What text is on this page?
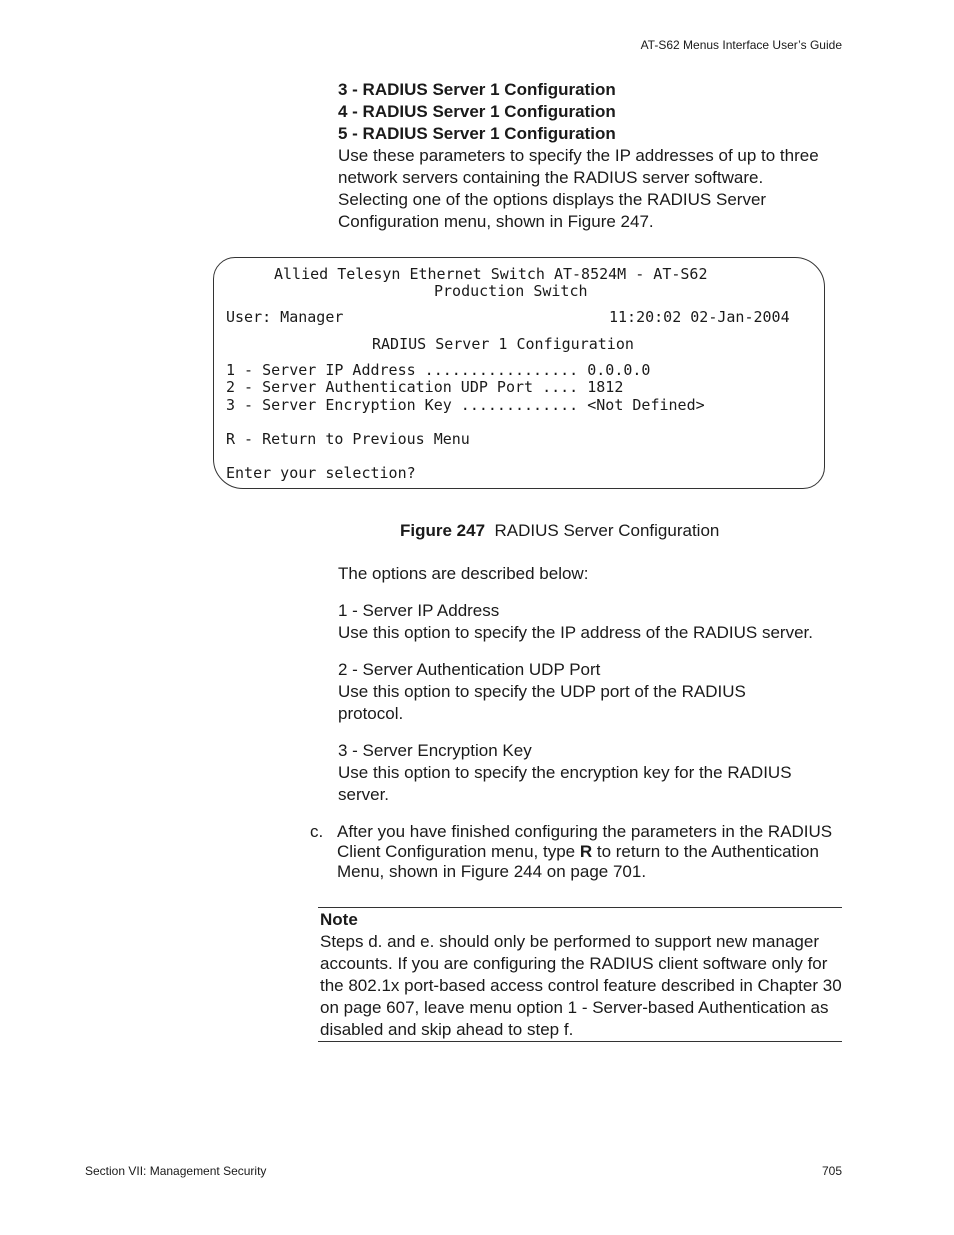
AT-S62 Menus Interface User’s Guide
3 - RADIUS Server 1 Configuration
4 - RADIUS Server 1 Configuration
5 - RADIUS Server 1 Configuration

Use these parameters to specify the IP addresses of up to three network servers containing the RADIUS server software. Selecting one of the options displays the RADIUS Server Configuration menu, shown in Figure 247.

Allied Telesyn Ethernet Switch AT-8524M - AT-S62
Production Switch
User: Manager	11:20:02 02-Jan-2004
RADIUS Server 1 Configuration
1 - Server IP Address ................. 0.0.0.0
2 - Server Authentication UDP Port .... 1812
3 - Server Encryption Key ............. <Not Defined>
R - Return to Previous Menu
Enter your selection?
Figure 247 RADIUS Server Configuration
The options are described below:
1 - Server IP Address
Use this option to specify the IP address of the RADIUS server.
2 - Server Authentication UDP Port
Use this option to specify the UDP port of the RADIUS protocol.
3 - Server Encryption Key
Use this option to specify the encryption key for the RADIUS server.
c. After you have finished configuring the parameters in the RADIUS Client Configuration menu, type R to return to the Authentication Menu, shown in Figure 244 on page 701.
Note
Steps d. and e. should only be performed to support new manager accounts. If you are configuring the RADIUS client software only for the 802.1x port-based access control feature described in Chapter 30 on page 607, leave menu option 1 - Server-based Authentication as disabled and skip ahead to step f.
Section VII: Management Security	705
